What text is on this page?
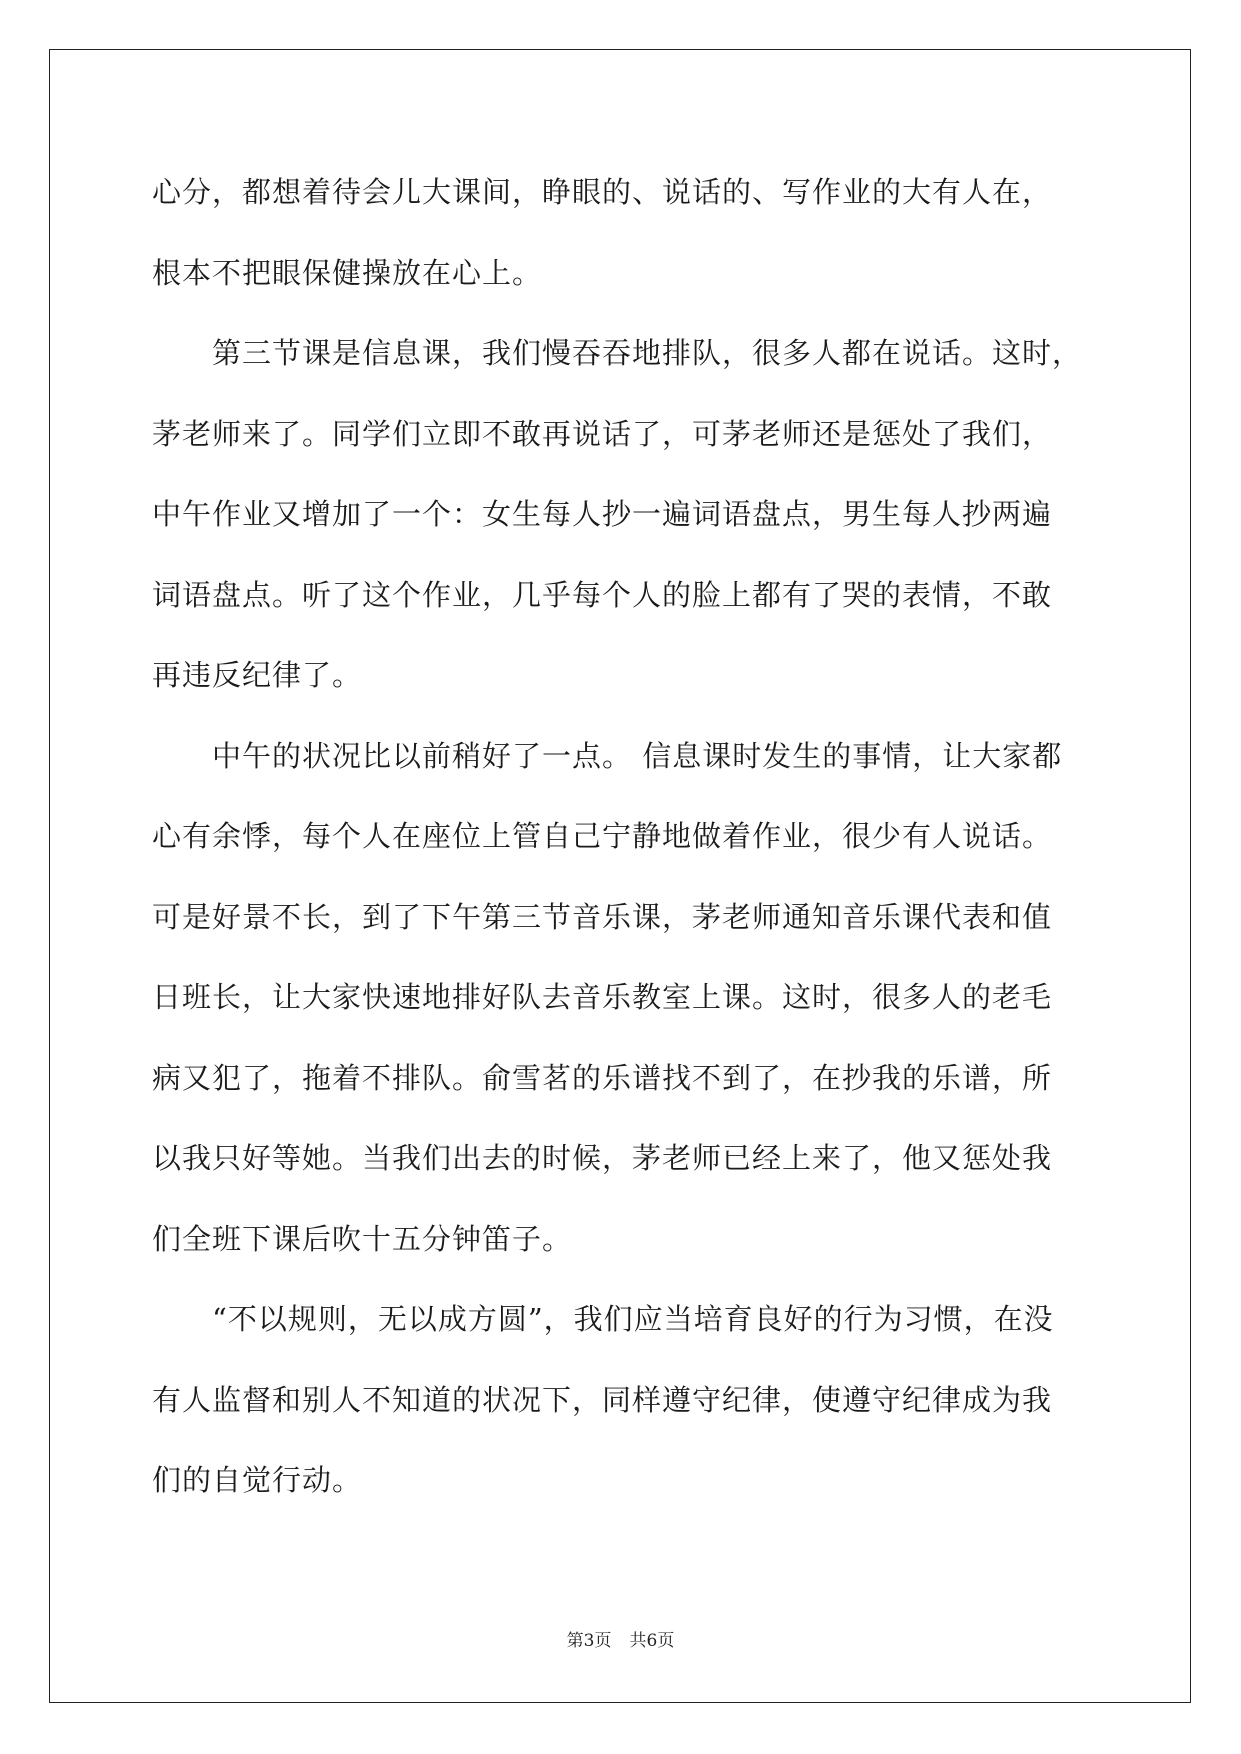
心分，都想着待会儿大课间，睁眼的、说话的、写作业的大有人在，
根本不把眼保健操放在心上。
　　第三节课是信息课，我们慢吞吞地排队，很多人都在说话。这时，
茅老师来了。同学们立即不敢再说话了，可茅老师还是惩处了我们，
中午作业又增加了一个：女生每人抄一遍词语盘点，男生每人抄两遍
词语盘点。听了这个作业，几乎每个人的脸上都有了哭的表情，不敢
再违反纪律了。
　　中午的状况比以前稍好了一点。 信息课时发生的事情，让大家都
心有余悸，每个人在座位上管自己宁静地做着作业，很少有人说话。
可是好景不长，到了下午第三节音乐课，茅老师通知音乐课代表和值
日班长，让大家快速地排好队去音乐教室上课。这时，很多人的老毛
病又犯了，拖着不排队。俞雪茗的乐谱找不到了，在抄我的乐谱，所
以我只好等她。当我们出去的时候，茅老师已经上来了，他又惩处我
们全班下课后吹十五分钟笛子。
　　“不以规则，无以成方圆”，我们应当培育良好的行为习惯，在没
有人监督和别人不知道的状况下，同样遵守纪律，使遵守纪律成为我
们的自觉行动。
第3页 共6页
